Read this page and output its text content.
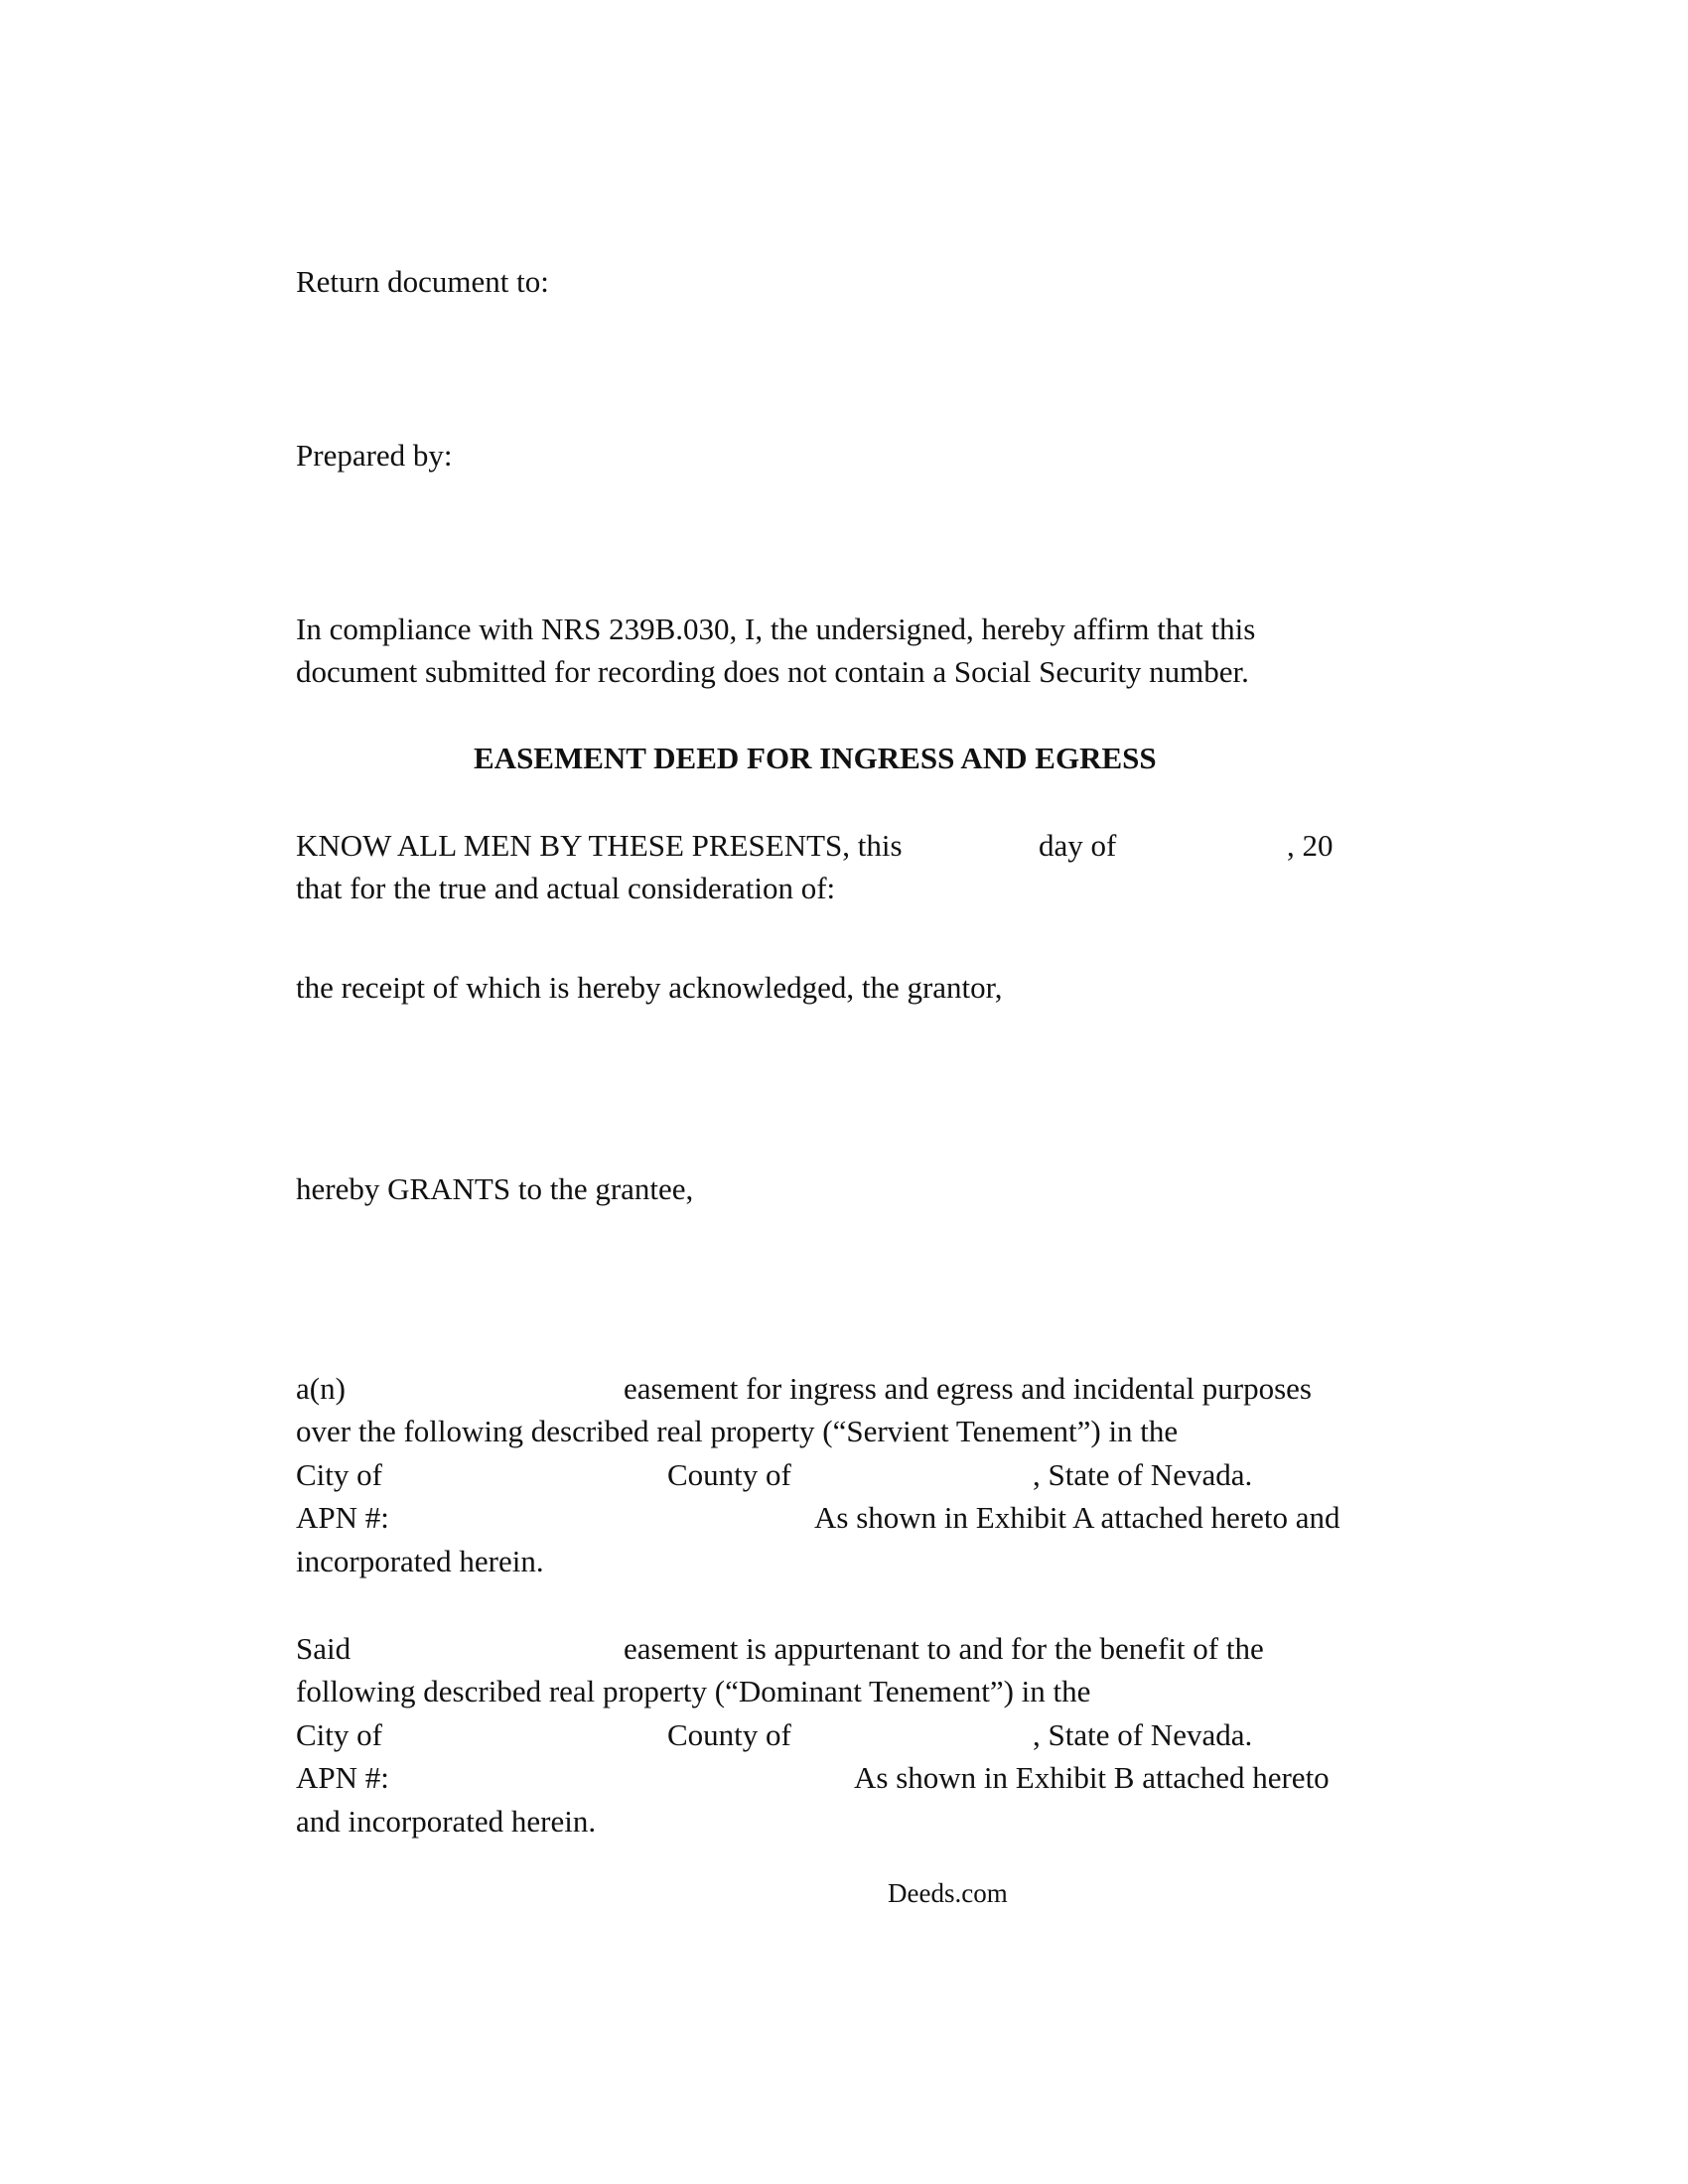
Return document to:
Prepared by:
In compliance with NRS 239B.030, I, the undersigned, hereby affirm that this
document submitted for recording does not contain a Social Security number.
EASEMENT DEED FOR INGRESS AND EGRESS
KNOW ALL MEN BY THESE PRESENTS, this	day of	, 20
that for the true and actual consideration of:
the receipt of which is hereby acknowledged, the grantor,
hereby GRANTS to the grantee,
a(n)	easement for ingress and egress and incidental purposes
over the following described real property (“Servient Tenement”) in the
City of	County of	, State of Nevada.
APN #:	As shown in Exhibit A attached hereto and
incorporated herein.
Said	easement is appurtenant to and for the benefit of the
following described real property (“Dominant Tenement”) in the
City of	County of	, State of Nevada.
APN #:	As shown in Exhibit B attached hereto
and incorporated herein.
Deeds.com
